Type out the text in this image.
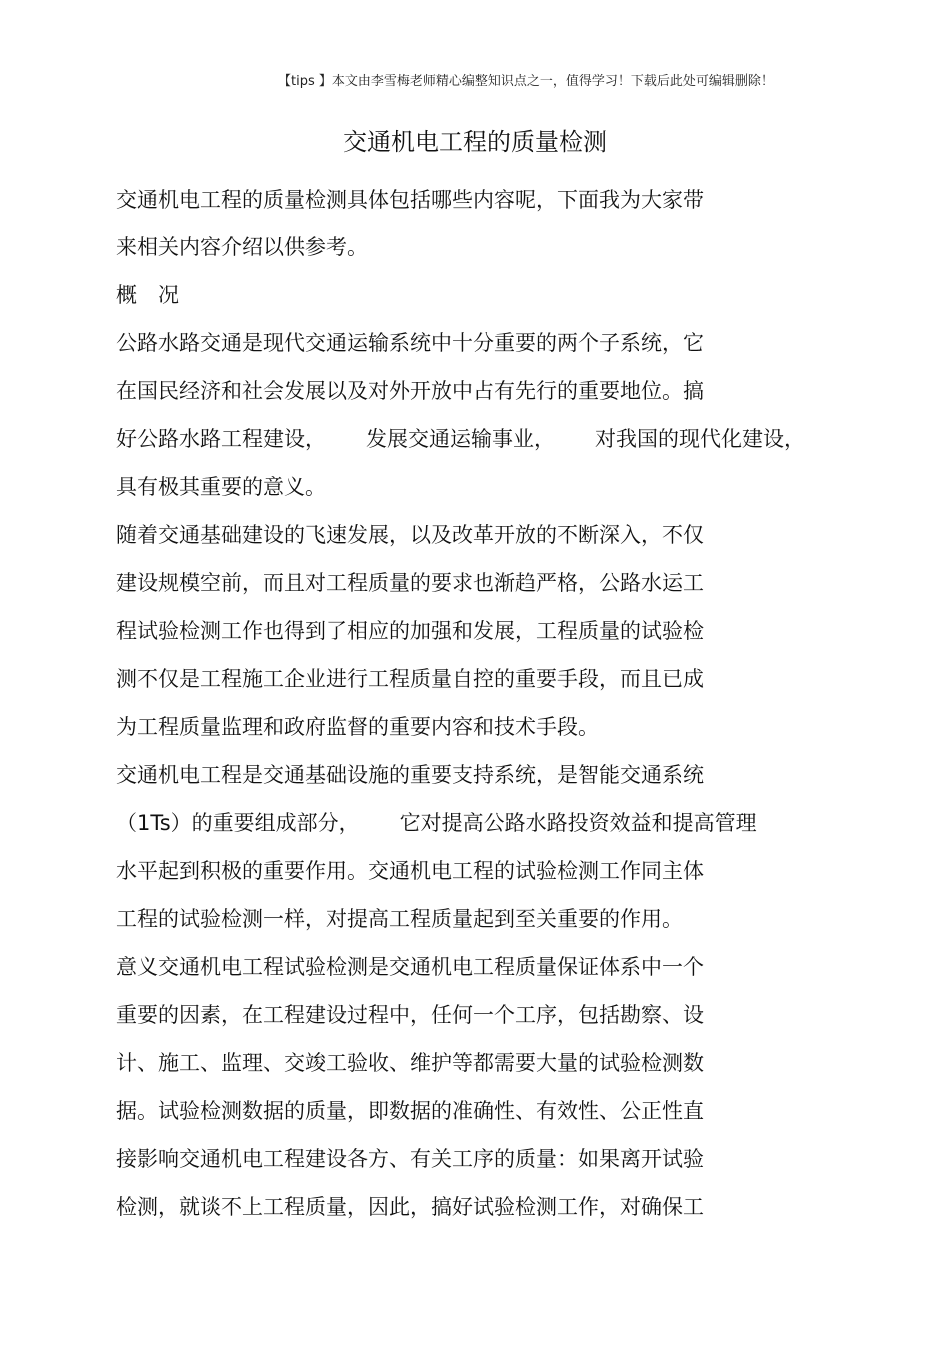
【tips 】本文由李雪梅老师精心编整知识点之一，值得学习！下载后此处可编辑删除！
交通机电工程的质量检测
交通机电工程的质量检测具体包括哪些内容呢，下面我为大家带
来相关内容介绍以供参考。
概　况
公路水路交通是现代交通运输系统中十分重要的两个子系统，它
在国民经济和社会发展以及对外开放中占有先行的重要地位。搞
好公路水路工程建设， 发展交通运输事业， 对我国的现代化建设，
具有极其重要的意义。
随着交通基础建设的飞速发展，以及改革开放的不断深入，不仅
建设规模空前，而且对工程质量的要求也渐趋严格，公路水运工
程试验检测工作也得到了相应的加强和发展，工程质量的试验检
测不仅是工程施工企业进行工程质量自控的重要手段，而且已成
为工程质量监理和政府监督的重要内容和技术手段。
交通机电工程是交通基础设施的重要支持系统，是智能交通系统
（1Ts）的重要组成部分， 它对提高公路水路投资效益和提高管理
水平起到积极的重要作用。交通机电工程的试验检测工作同主体
工程的试验检测一样，对提高工程质量起到至关重要的作用。
意义交通机电工程试验检测是交通机电工程质量保证体系中一个
重要的因素，在工程建设过程中，任何一个工序，包括勘察、设
计、施工、监理、交竣工验收、维护等都需要大量的试验检测数
据。试验检测数据的质量，即数据的准确性、有效性、公正性直
接影响交通机电工程建设各方、有关工序的质量：如果离开试验
检测，就谈不上工程质量，因此，搞好试验检测工作，对确保工
